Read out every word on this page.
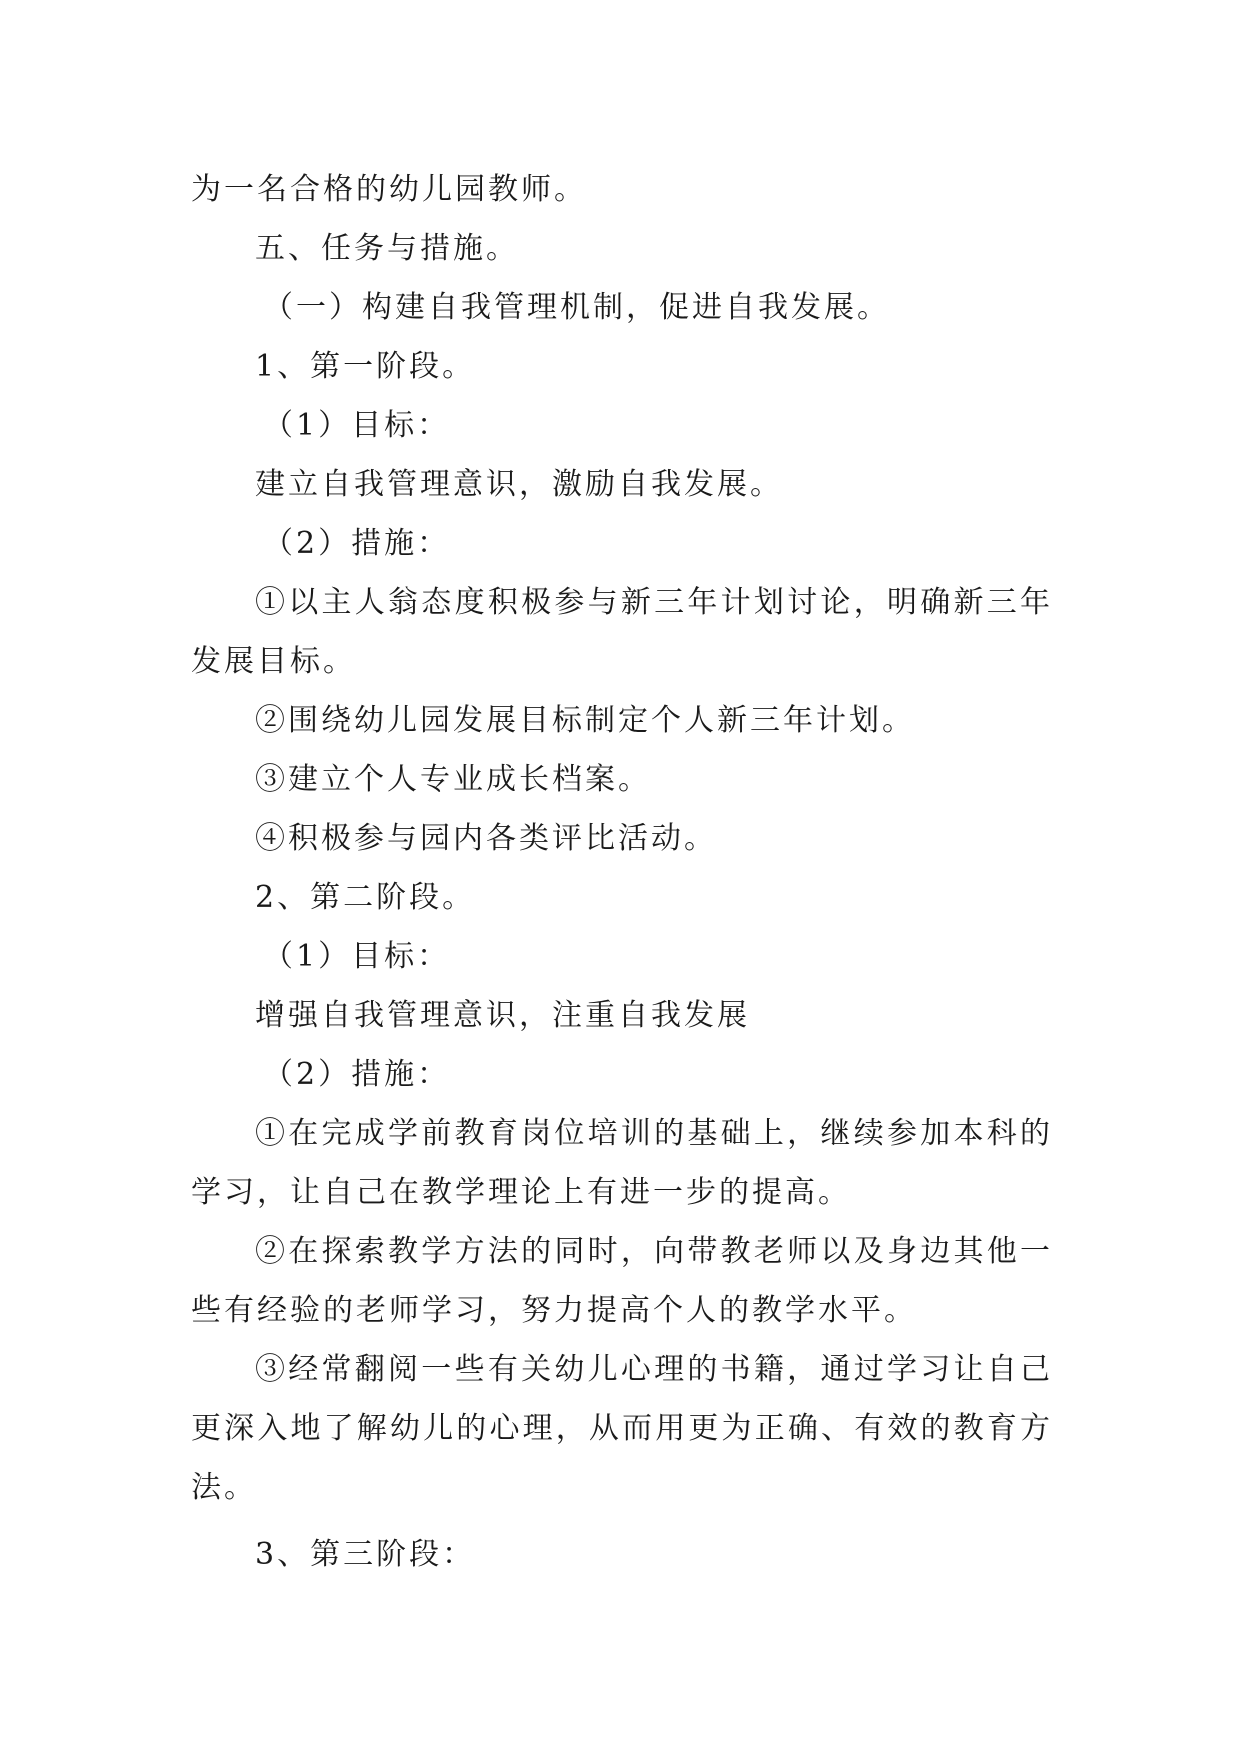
为一名合格的幼儿园教师。
五、任务与措施。
（一）构建自我管理机制，促进自我发展。
1、第一阶段。
（1）目标：
建立自我管理意识，激励自我发展。
（2）措施：

①以主人翁态度积极参与新三年计划讨论，明确新三年发展目标。

②围绕幼儿园发展目标制定个人新三年计划。
③建立个人专业成长档案。
④积极参与园内各类评比活动。
2、第二阶段。
（1）目标：
增强自我管理意识，注重自我发展
（2）措施：

①在完成学前教育岗位培训的基础上，继续参加本科的学习，让自己在教学理论上有进一步的提高。

②在探索教学方法的同时，向带教老师以及身边其他一些有经验的老师学习，努力提高个人的教学水平。

③经常翻阅一些有关幼儿心理的书籍，通过学习让自己更深入地了解幼儿的心理，从而用更为正确、有效的教育方法。

3、第三阶段：
